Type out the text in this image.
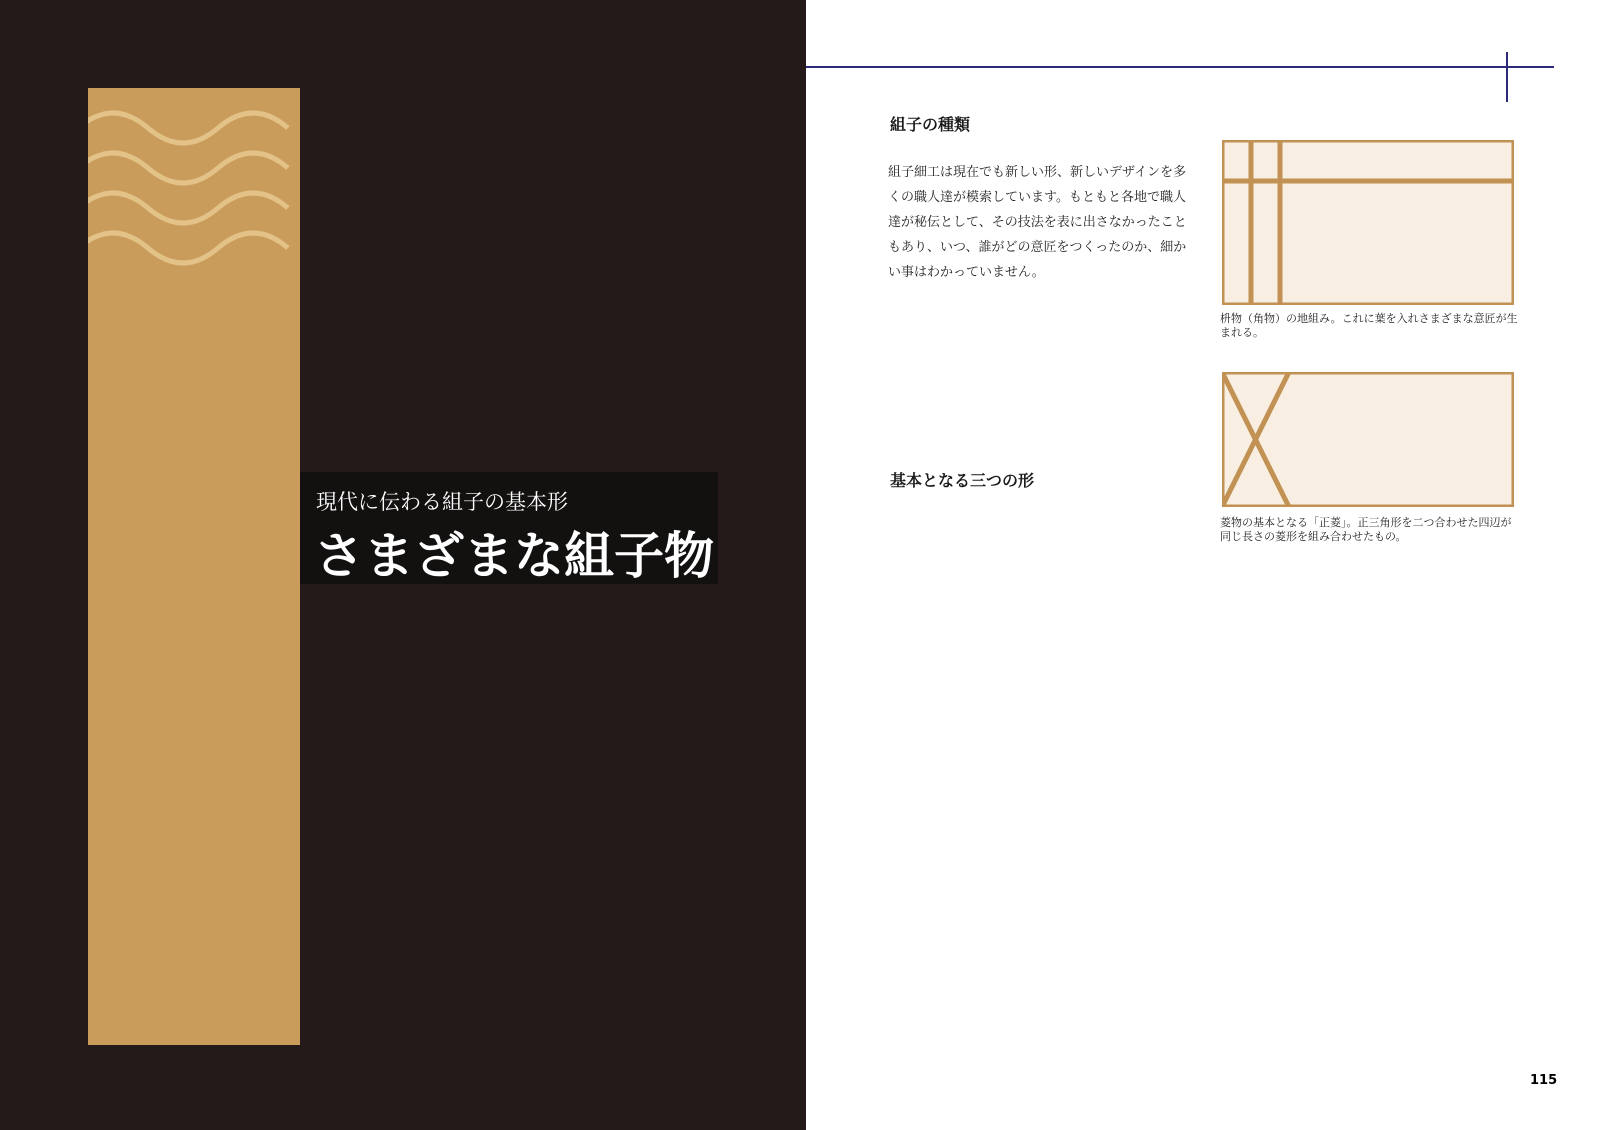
現代に伝わる組子の基本形
さまざまな組子物
組子の種類
組子細工は現在でも新しい形、新しいデザインを多くの職人達が模索しています。もともと各地で職人達が秘伝として、その技法を表に出さなかったこともあり、いつ、誰がどの意匠をつくったのか、細かい事はわかっていません。
基本となる三つの形
枡物（角物）の地組み。これに葉を入れさまざまな意匠が生まれる。
菱物の基本となる「正菱」。正三角形を二つ合わせた四辺が同じ長さの菱形を組み合わせたもの。
115
